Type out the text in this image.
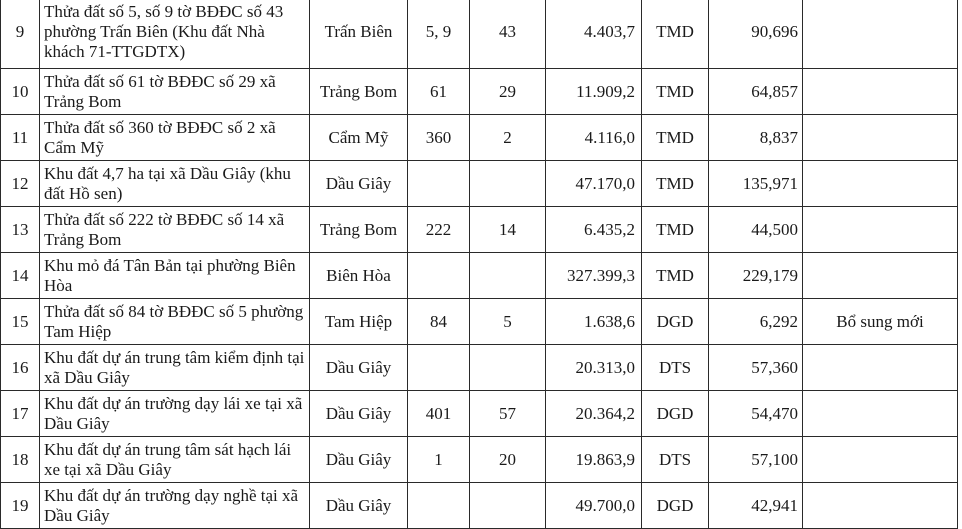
9	Thửa đất số 5, số 9 tờ BĐĐC số 43 phường Trấn Biên (Khu đất Nhà khách 71-TTGDTX)	Trấn Biên	5, 9	43	4.403,7	TMD	90,696	
10	Thửa đất số 61 tờ BĐĐC số 29 xã Trảng Bom	Trảng Bom	61	29	11.909,2	TMD	64,857	
11	Thửa đất số 360 tờ BĐĐC số 2 xã Cẩm Mỹ	Cẩm Mỹ	360	2	4.116,0	TMD	8,837	
12	Khu đất 4,7 ha tại xã Dầu Giây (khu đất Hồ sen)	Dầu Giây			47.170,0	TMD	135,971	
13	Thửa đất số 222 tờ BĐĐC số 14 xã Trảng Bom	Trảng Bom	222	14	6.435,2	TMD	44,500	
14	Khu mỏ đá Tân Bản tại phường Biên Hòa	Biên Hòa			327.399,3	TMD	229,179	
15	Thửa đất số 84 tờ BĐĐC số 5 phường Tam Hiệp	Tam Hiệp	84	5	1.638,6	DGD	6,292	Bổ sung mới
16	Khu đất dự án trung tâm kiểm định tại xã Dầu Giây	Dầu Giây			20.313,0	DTS	57,360	
17	Khu đất dự án trường dạy lái xe tại xã Dầu Giây	Dầu Giây	401	57	20.364,2	DGD	54,470	
18	Khu đất dự án trung tâm sát hạch lái xe tại xã Dầu Giây	Dầu Giây	1	20	19.863,9	DTS	57,100	
19	Khu đất dự án trường dạy nghề tại xã Dầu Giây	Dầu Giây			49.700,0	DGD	42,941	
